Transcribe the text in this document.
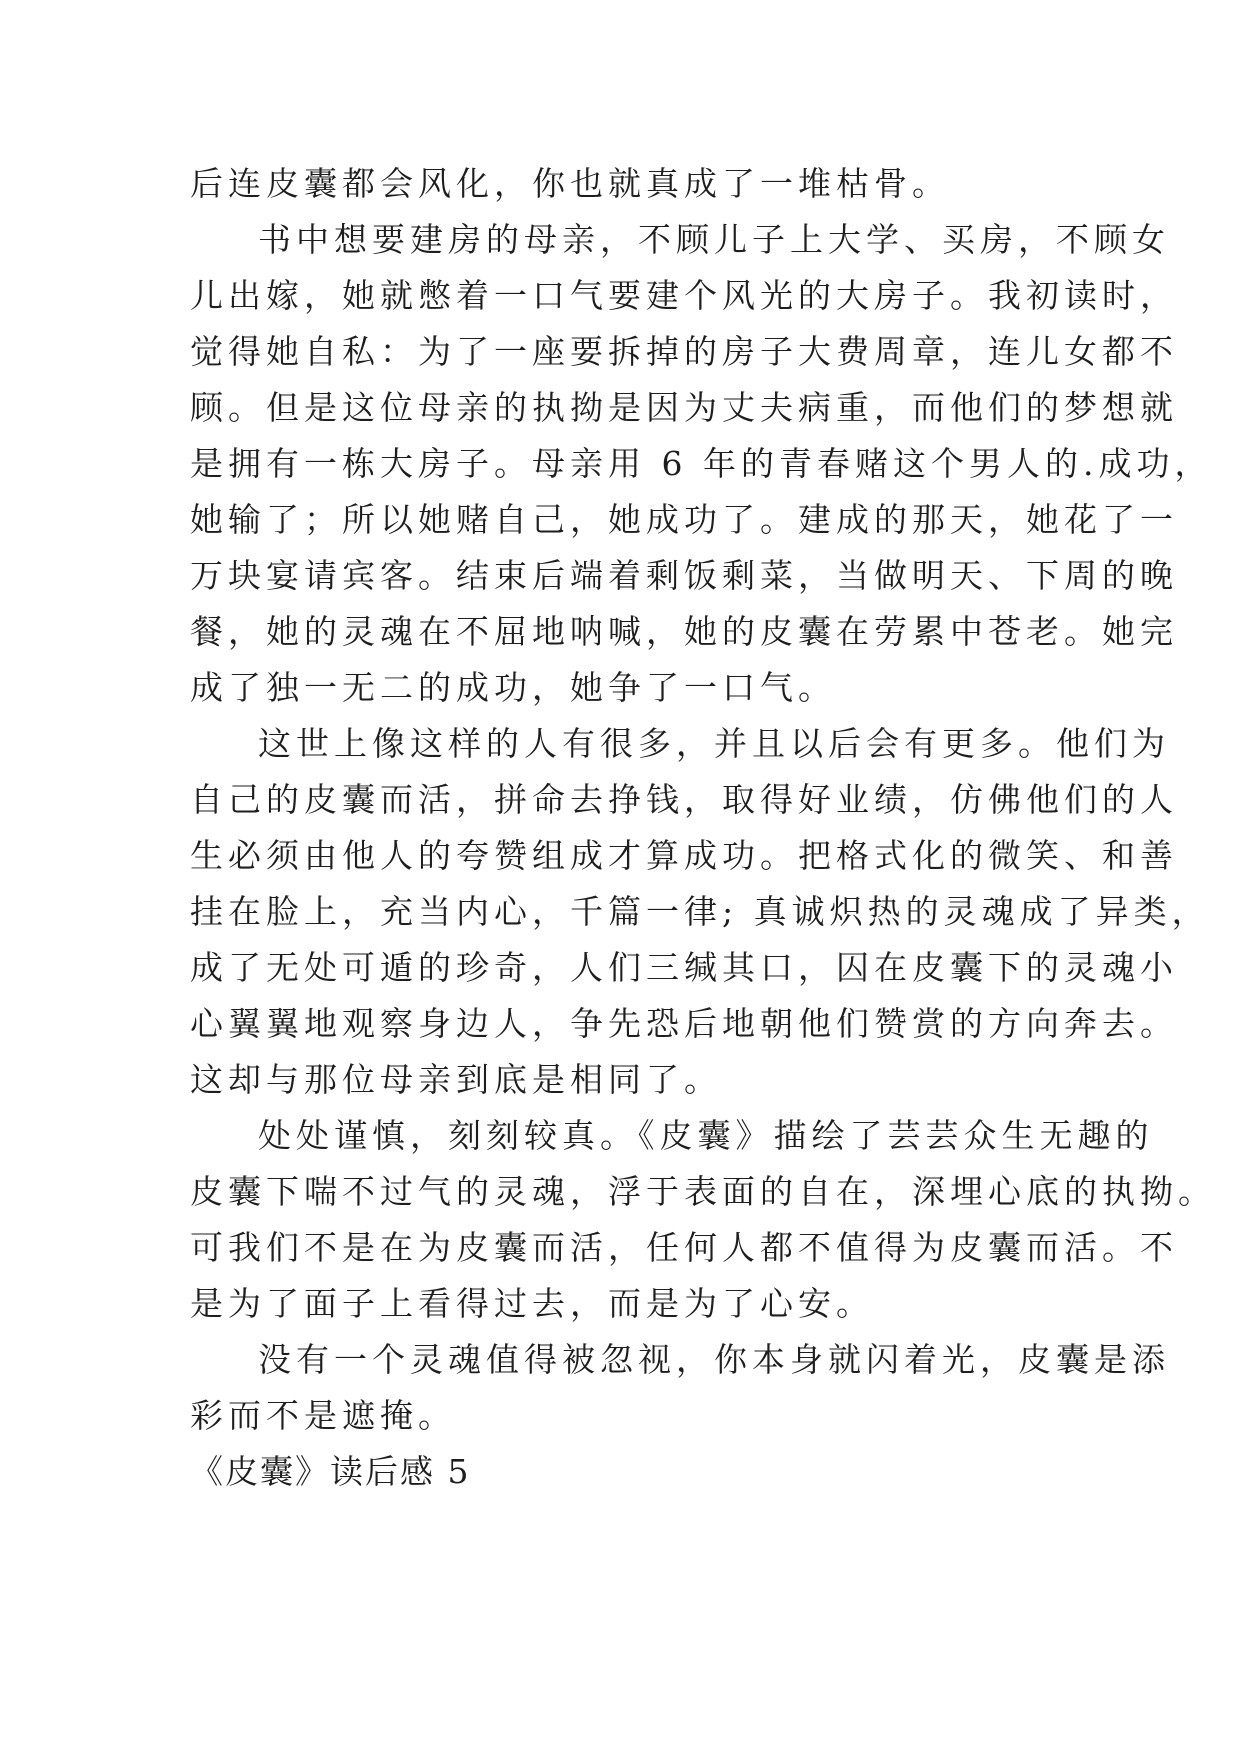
后连皮囊都会风化，你也就真成了一堆枯骨。
书中想要建房的母亲，不顾儿子上大学、买房，不顾女
儿出嫁，她就憋着一口气要建个风光的大房子。我初读时，
觉得她自私：为了一座要拆掉的房子大费周章，连儿女都不
顾。但是这位母亲的执拗是因为丈夫病重，而他们的梦想就
是拥有一栋大房子。母亲用 6 年的青春赌这个男人的.成功，
她输了；所以她赌自己，她成功了。建成的那天，她花了一
万块宴请宾客。结束后端着剩饭剩菜，当做明天、下周的晚
餐，她的灵魂在不屈地呐喊，她的皮囊在劳累中苍老。她完
成了独一无二的成功，她争了一口气。
这世上像这样的人有很多，并且以后会有更多。他们为
自己的皮囊而活，拼命去挣钱，取得好业绩，仿佛他们的人
生必须由他人的夸赞组成才算成功。把格式化的微笑、和善
挂在脸上，充当内心，千篇一律; 真诚炽热的灵魂成了异类，
成了无处可遁的珍奇，人们三缄其口，囚在皮囊下的灵魂小
心翼翼地观察身边人，争先恐后地朝他们赞赏的方向奔去。
这却与那位母亲到底是相同了。
处处谨慎，刻刻较真。《皮囊》描绘了芸芸众生无趣的
皮囊下喘不过气的灵魂，浮于表面的自在，深埋心底的执拗。
可我们不是在为皮囊而活，任何人都不值得为皮囊而活。不
是为了面子上看得过去，而是为了心安。
没有一个灵魂值得被忽视，你本身就闪着光，皮囊是添
彩而不是遮掩。
《皮囊》读后感 5
